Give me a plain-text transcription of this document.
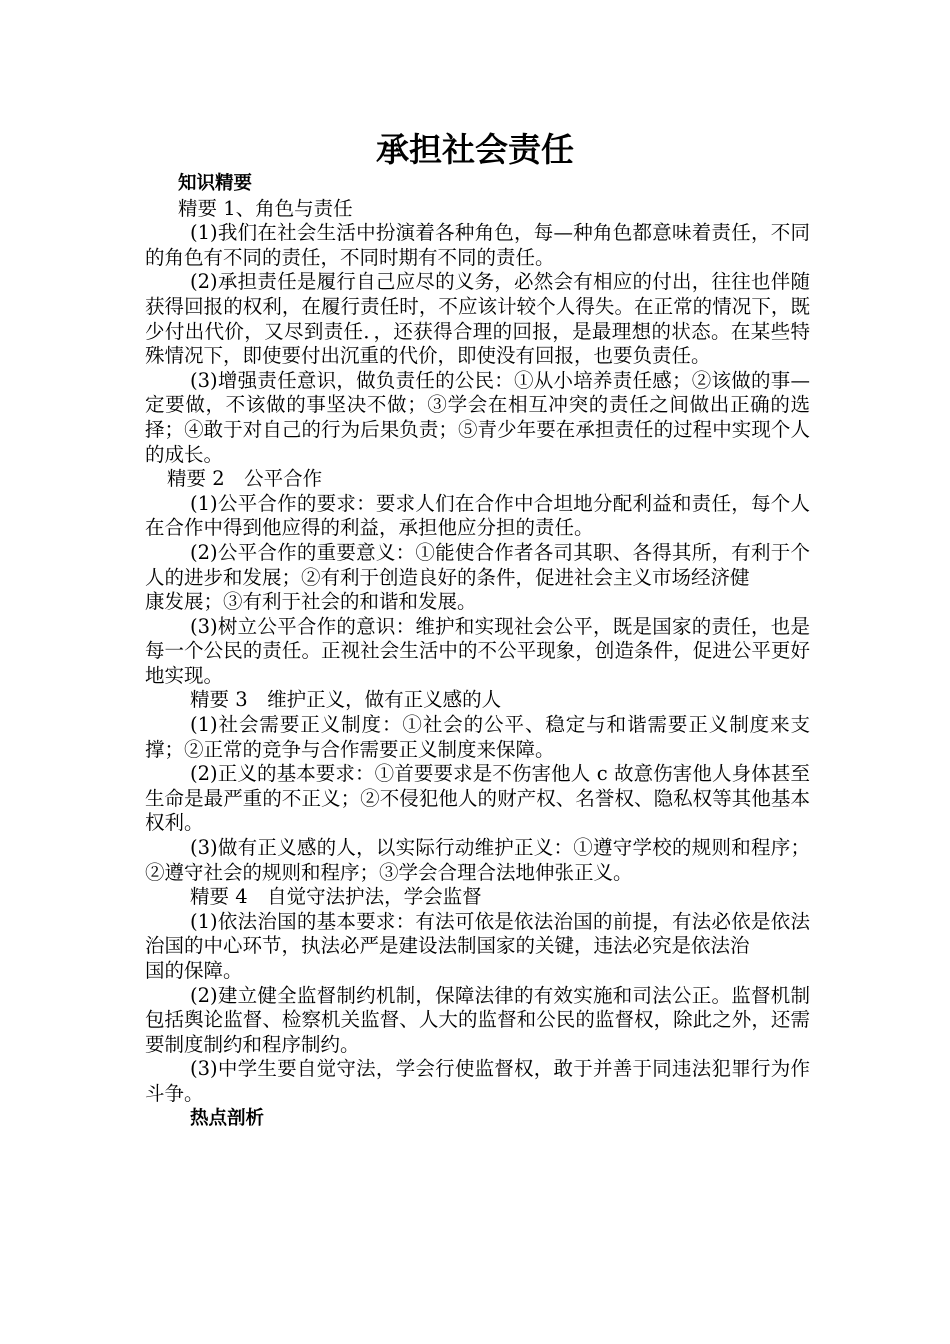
承担社会责任

知识精要

精要 1、角色与责任

(1)我们在社会生活中扮演着各种角色，每—种角色都意味着责任，不同的角色有不同的责任，不同时期有不同的责任。

(2)承担责任是履行自己应尽的义务，必然会有相应的付出，往往也伴随获得回报的权利，在履行责任时，不应该计较个人得失。在正常的情况下，既少付出代价，又尽到责任．，还获得合理的回报，是最理想的状态。在某些特殊情况下，即使要付出沉重的代价，即使没有回报，也要负责任。

(3)增强责任意识，做负责任的公民：①从小培养责任感；②该做的事—定要做，不该做的事坚决不做；③学会在相互冲突的责任之间做出正确的选择；④敢于对自己的行为后果负责；⑤青少年要在承担责任的过程中实现个人的成长。

精要 2　公平合作

(1)公平合作的要求：要求人们在合作中合坦地分配利益和责任，每个人在合作中得到他应得的利益，承担他应分担的责任。

(2)公平合作的重要意义：①能使合作者各司其职、各得其所，有利于个人的进步和发展；②有利于创造良好的条件，促进社会主义市场经济健

康发展；③有利于社会的和谐和发展。

(3)树立公平合作的意识：维护和实现社会公平，既是国家的责任，也是每一个公民的责任。正视社会生活中的不公平现象，创造条件，促进公平更好地实现。

精要 3　维护正义，做有正义感的人

(1)社会需要正义制度：①社会的公平、稳定与和谐需要正义制度来支撑；②正常的竞争与合作需要正义制度来保障。

(2)正义的基本要求：①首要要求是不伤害他人 c 故意伤害他人身体甚至生命是最严重的不正义；②不侵犯他人的财产权、名誉权、隐私权等其他基本权利。

(3)做有正义感的人，以实际行动维护正义：①遵守学校的规则和程序；②遵守社会的规则和程序；③学会合理合法地伸张正义。

精要 4　自觉守法护法，学会监督

(1)依法治国的基本要求：有法可依是依法治国的前提，有法必依是依法治国的中心环节，执法必严是建设法制国家的关键，违法必究是依法治

国的保障。

(2)建立健全监督制约机制，保障法律的有效实施和司法公正。监督机制包括舆论监督、检察机关监督、人大的监督和公民的监督权，除此之外，还需要制度制约和程序制约。

(3)中学生要自觉守法，学会行使监督权，敢于并善于同违法犯罪行为作斗争。

热点剖析
